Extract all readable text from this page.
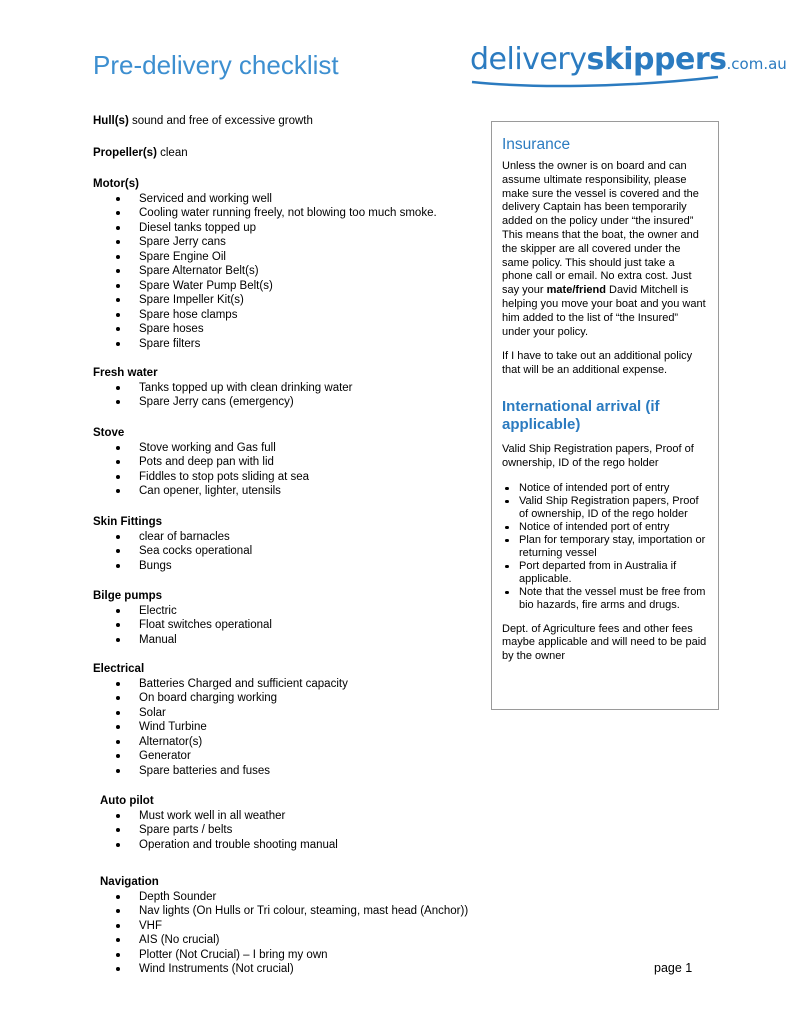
Pre-delivery checklist	deliveryskippers.com.au

Hull(s) sound and free of excessive growth

Propeller(s) clean

Motor(s)
Serviced and working well
Cooling water running freely, not blowing too much smoke.
Diesel tanks topped up
Spare Jerry cans
Spare Engine Oil
Spare Alternator Belt(s)
Spare Water Pump Belt(s)
Spare Impeller Kit(s)
Spare hose clamps
Spare hoses
Spare filters
Fresh water
Tanks topped up with clean drinking water
Spare Jerry cans (emergency)
Stove
Stove working and Gas full
Pots and deep pan with lid
Fiddles to stop pots sliding at sea
Can opener, lighter, utensils
Skin Fittings
clear of barnacles
Sea cocks operational
Bungs
Bilge pumps
Electric
Float switches operational
Manual
Electrical
Batteries Charged and sufficient capacity
On board charging working
Solar
Wind Turbine
Alternator(s)
Generator
Spare batteries and fuses
Auto pilot
Must work well in all weather
Spare parts / belts
Operation and trouble shooting manual
Navigation
Depth Sounder
Nav lights (On Hulls or Tri colour, steaming, mast head (Anchor))
VHF
AIS (No crucial)
Plotter (Not Crucial) – I bring my own
Wind Instruments (Not crucial)
Insurance

Unless the owner is on board and can assume ultimate responsibility, please make sure the vessel is covered and the delivery Captain has been temporarily added on the policy under “the insured” This means that the boat, the owner and the skipper are all covered under the same policy. This should just take a phone call or email. No extra cost. Just say your mate/friend David Mitchell is helping you move your boat and you want him added to the list of “the Insured” under your policy.

If I have to take out an additional policy that will be an additional expense.

International arrival (if applicable)

Valid Ship Registration papers, Proof of ownership, ID of the rego holder

Notice of intended port of entry
Valid Ship Registration papers, Proof of ownership, ID of the rego holder
Notice of intended port of entry
Plan for temporary stay, importation or returning vessel
Port departed from in Australia if applicable.
Note that the vessel must be free from bio hazards, fire arms and drugs.

Dept. of Agriculture fees and other fees maybe applicable and will need to be paid by the owner

page 1
